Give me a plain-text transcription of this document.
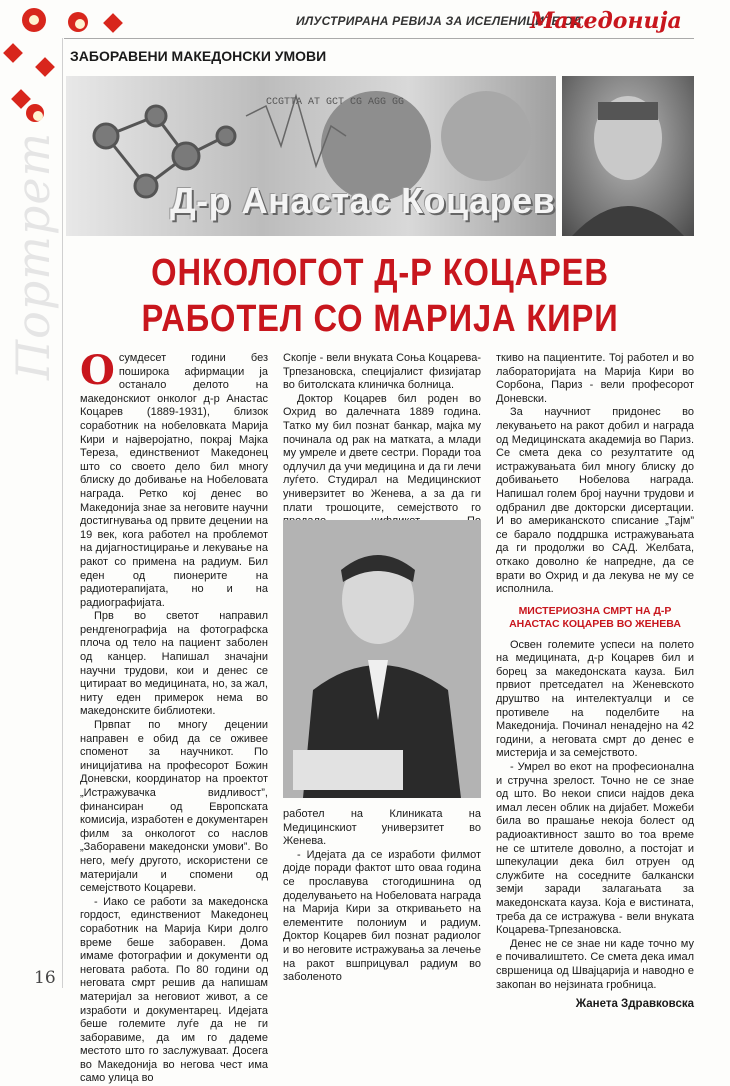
Портрет
16
ИЛУСТРИРАНА РЕВИЈА ЗА ИСЕЛЕНИЦИТЕ ОД
Македонија
ЗАБОРАВЕНИ МАКЕДОНСКИ УМОВИ
CCGTTA AT GCT CG AGG GG
Д-р Анастас Коцарев
ОНКОЛОГОТ Д-Р КОЦАРЕВ РАБОТЕЛ СО МАРИЈА КИРИ

Осумдесет години без поширока афирмации ја останало делото на македонскиот онколог д-р Анастас Коцарев (1889-1931), близок соработник на нобеловката Марија Кири и најверојатно, покрај Мајка Тереза, единствениот Македонец што со своето дело бил многу блиску до добивање на Нобеловата награда. Ретко кој денес во Македонија знае за неговите научни достигнувања од првите децении на 19 век, кога работел на проблемот на дијагностицирање и лекување на ракот со примена на радиум. Бил еден од пионерите на радиотерапијата, но и на радиографијата.

Прв во светот направил рендгенографија на фотографска плоча од тело на пациент заболен од канцер. Напишал значајни научни трудови, кои и денес се цитираат во медицината, но, за жал, ниту еден примерок нема во македонските библиотеки.

Првпат по многу децении направен е обид да се оживее споменот за научникот. По иницијатива на професорот Божин Доневски, координатор на проектот „Истражувачка видливост”, финансиран од Европската комисија, изработен е документарен филм за онкологот со наслов „Заборавени македонски умови”. Во него, меѓу другото, искористени се материјали и спомени од семејството Коцареви.

- Иако се работи за македонска гордост, единствениот Македонец соработник на Марија Кири долго време беше заборавен. Дома имаме фотографии и документи од неговата работа. По 80 години од неговата смрт решив да напишам материјал за неговиот живот, а се изработи и документарец. Идејата беше големите луѓе да не ги заборавиме, да им го дадеме местото што го заслужуваат. Досега во Македонија во негова чест има само улица во

Скопје - вели внуката Соња Коцарева-Трпезановска, специјалист физијатар во битолската клиничка болница.

Доктор Коцарев бил роден во Охрид во далечната 1889 година. Татко му бил познат банкар, мајка му починала од рак на матката, а млади му умреле и двете сестри. Поради тоа одлучил да учи медицина и да ги лечи луѓето. Студирал на Медицинскиот универзитет во Женева, а за да ги плати трошоците, семејството го

работел на Клиниката на Медицинскиот универзитет во Женева.

- Идејата да се изработи филмот дојде поради фактот што оваа година се прославува стогодишнина од доделувањето на Нобеловата награда на Марија Кири за откривањето на елементите полониум и радиум. Доктор Коцарев бил познат радиолог и во неговите истражувања за лечење на ракот вшприцувал радиум во заболеното

ткиво на пациентите. Тој работел и во лабораторијата на Марија Кири во Сорбона, Париз - вели професорот Доневски.

За научниот придонес во лекувањето на ракот добил и награда од Медицинската академија во Париз. Се смета дека со резултатите од истражувањата бил многу блиску до добивањето Нобелова награда. Напишал голем број научни трудови и одбранил две докторски дисертации. И во американското списание „Тајм” се барало поддршка истражувањата да ги продолжи во САД. Желбата, откако доволно ќе напредне, да се врати во Охрид и да лекува не му се исполнила.

МИСТЕРИОЗНА СМРТ НА Д-Р АНАСТАС КОЦАРЕВ ВО ЖЕНЕВА

Освен големите успеси на полето на медицината, д-р Коцарев бил и борец за македонската кауза. Бил првиот претседател на Женевското друштво на интелектуалци и се противеле на поделбите на Македонија. Починал ненадејно на 42 години, а неговата смрт до денес е мистерија и за семејството.

- Умрел во екот на професионална и стручна зрелост. Точно не се знае од што. Во некои списи најдов дека имал лесен облик на дијабет. Можеби била во прашање некоја болест од радиоактивност зашто во тоа време не се штителе доволно, а постојат и шпекулации дека бил отруен од службите на соседните балкански земји заради залагањата за македонската кауза. Која е вистината, треба да се истражува - вели внуката Коцарева-Трпезановска.

Денес не се знае ни каде точно му е почивалиштето. Се смета дека имал свршеница од Швајцарија и наводно е закопан во нејзината гробница.

Жанета Здравковска
